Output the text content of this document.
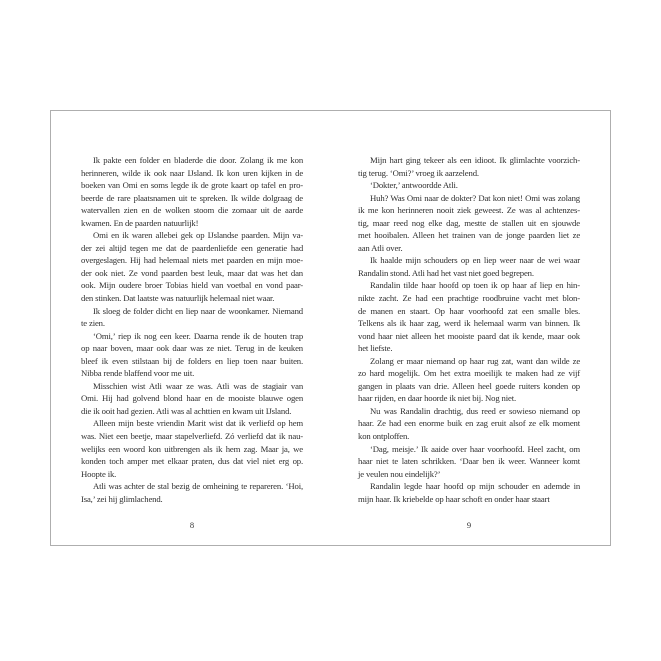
Ik pakte een folder en bladerde die door. Zolang ik me kon
herinneren, wilde ik ook naar IJsland. Ik kon uren kijken in de
boeken van Omi en soms legde ik de grote kaart op tafel en pro-
beerde de rare plaatsnamen uit te spreken. Ik wilde dolgraag de
watervallen zien en de wolken stoom die zomaar uit de aarde
kwamen. En de paarden natuurlijk!
Omi en ik waren allebei gek op IJslandse paarden. Mijn va-
der zei altijd tegen me dat de paardenliefde een generatie had
overgeslagen. Hij had helemaal niets met paarden en mijn moe-
der ook niet. Ze vond paarden best leuk, maar dat was het dan
ook. Mijn oudere broer Tobias hield van voetbal en vond paar-
den stinken. Dat laatste was natuurlijk helemaal niet waar.
Ik sloeg de folder dicht en liep naar de woonkamer. Niemand
te zien.
‘Omi,’ riep ik nog een keer. Daarna rende ik de houten trap
op naar boven, maar ook daar was ze niet. Terug in de keuken
bleef ik even stilstaan bij de folders en liep toen naar buiten.
Nibba rende blaffend voor me uit.
Misschien wist Atli waar ze was. Atli was de stagiair van
Omi. Hij had golvend blond haar en de mooiste blauwe ogen
die ik ooit had gezien. Atli was al achttien en kwam uit IJsland.
Alleen mijn beste vriendin Marit wist dat ik verliefd op hem
was. Niet een beetje, maar stapelverliefd. Zó verliefd dat ik nau-
welijks een woord kon uitbrengen als ik hem zag. Maar ja, we
konden toch amper met elkaar praten, dus dat viel niet erg op.
Hoopte ik.
Atli was achter de stal bezig de omheining te repareren. ‘Hoi,
Isa,’ zei hij glimlachend.
Mijn hart ging tekeer als een idioot. Ik glimlachte voorzich-
tig terug. ‘Omi?’ vroeg ik aarzelend.
‘Dokter,’ antwoordde Atli.
Huh? Was Omi naar de dokter? Dat kon niet! Omi was zolang
ik me kon herinneren nooit ziek geweest. Ze was al achtenzes-
tig, maar reed nog elke dag, mestte de stallen uit en sjouwde
met hooibalen. Alleen het trainen van de jonge paarden liet ze
aan Atli over.
Ik haalde mijn schouders op en liep weer naar de wei waar
Randalin stond. Atli had het vast niet goed begrepen.
Randalin tilde haar hoofd op toen ik op haar af liep en hin-
nikte zacht. Ze had een prachtige roodbruine vacht met blon-
de manen en staart. Op haar voorhoofd zat een smalle bles.
Telkens als ik haar zag, werd ik helemaal warm van binnen. Ik
vond haar niet alleen het mooiste paard dat ik kende, maar ook
het liefste.
Zolang er maar niemand op haar rug zat, want dan wilde ze
zo hard mogelijk. Om het extra moeilijk te maken had ze vijf
gangen in plaats van drie. Alleen heel goede ruiters konden op
haar rijden, en daar hoorde ik niet bij. Nog niet.
Nu was Randalin drachtig, dus reed er sowieso niemand op
haar. Ze had een enorme buik en zag eruit alsof ze elk moment
kon ontploffen.
‘Dag, meisje.’ Ik aaide over haar voorhoofd. Heel zacht, om
haar niet te laten schrikken. ‘Daar ben ik weer. Wanneer komt
je veulen nou eindelijk?’
Randalin legde haar hoofd op mijn schouder en ademde in
mijn haar. Ik kriebelde op haar schoft en onder haar staart
8	9
